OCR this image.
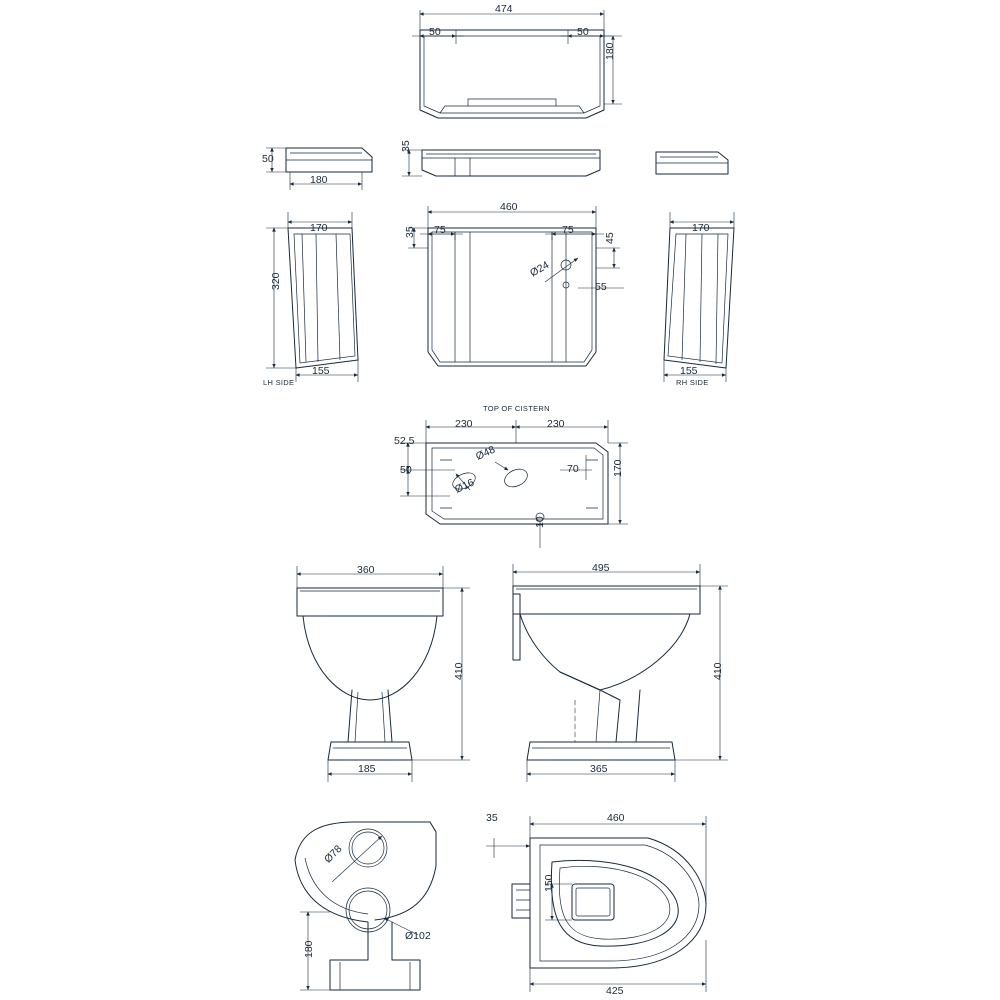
474
50	50
180
50
180
35
170
320
155
LH SIDE
460
75	75
35
45
55
Ø24
170
155
RH SIDE
TOP OF CISTERN
230	230
52,5
50
Ø48
Ø16
70	170
10
360
410
185
495
410
365
Ø78
Ø102
180
35	460
150
425
